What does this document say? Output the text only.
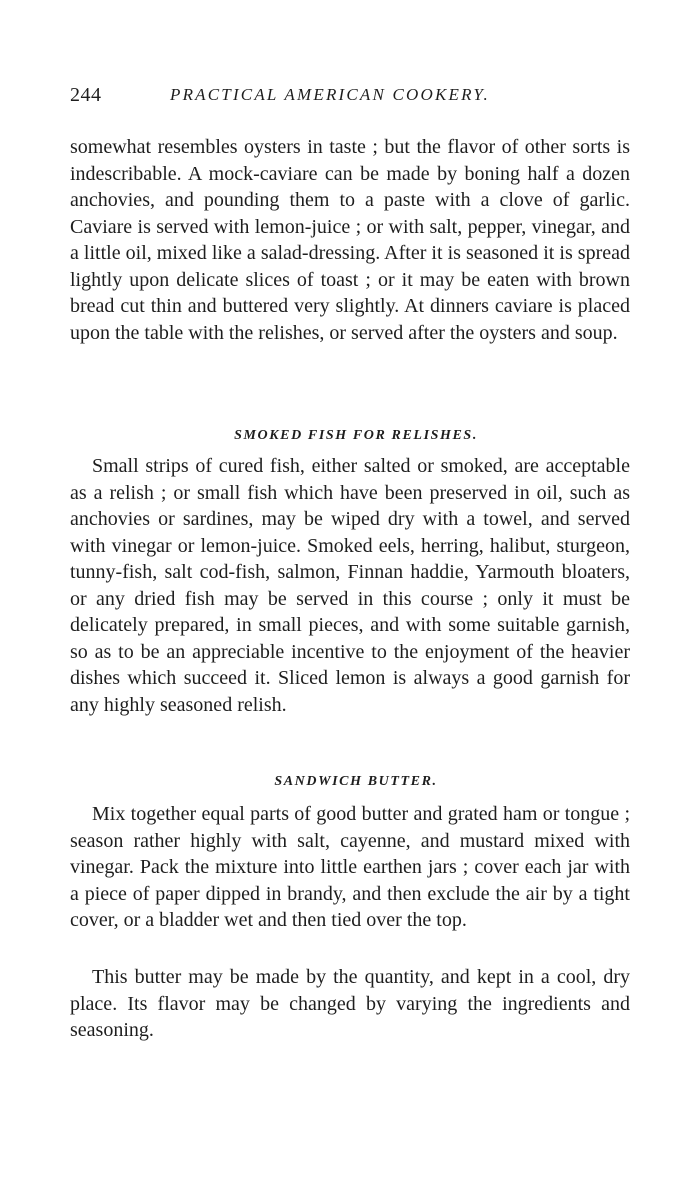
244	PRACTICAL AMERICAN COOKERY.

somewhat resembles oysters in taste ; but the flavor of other sorts is indescribable. A mock-caviare can be made by boning half a dozen anchovies, and pounding them to a paste with a clove of garlic. Caviare is served with lemon-juice ; or with salt, pepper, vinegar, and a little oil, mixed like a salad-dressing. After it is seasoned it is spread lightly upon delicate slices of toast ; or it may be eaten with brown bread cut thin and buttered very slightly. At dinners caviare is placed upon the table with the relishes, or served after the oysters and soup.

SMOKED FISH FOR RELISHES.

Small strips of cured fish, either salted or smoked, are acceptable as a relish ; or small fish which have been preserved in oil, such as anchovies or sardines, may be wiped dry with a towel, and served with vinegar or lemon-juice. Smoked eels, herring, halibut, sturgeon, tunny-fish, salt cod-fish, salmon, Finnan haddie, Yarmouth bloaters, or any dried fish may be served in this course ; only it must be delicately prepared, in small pieces, and with some suitable garnish, so as to be an appreciable incentive to the enjoyment of the heavier dishes which succeed it. Sliced lemon is always a good garnish for any highly seasoned relish.

SANDWICH BUTTER.

Mix together equal parts of good butter and grated ham or tongue ; season rather highly with salt, cayenne, and mustard mixed with vinegar. Pack the mixture into little earthen jars ; cover each jar with a piece of paper dipped in brandy, and then exclude the air by a tight cover, or a bladder wet and then tied over the top.

This butter may be made by the quantity, and kept in a cool, dry place. Its flavor may be changed by varying the ingredients and seasoning.
